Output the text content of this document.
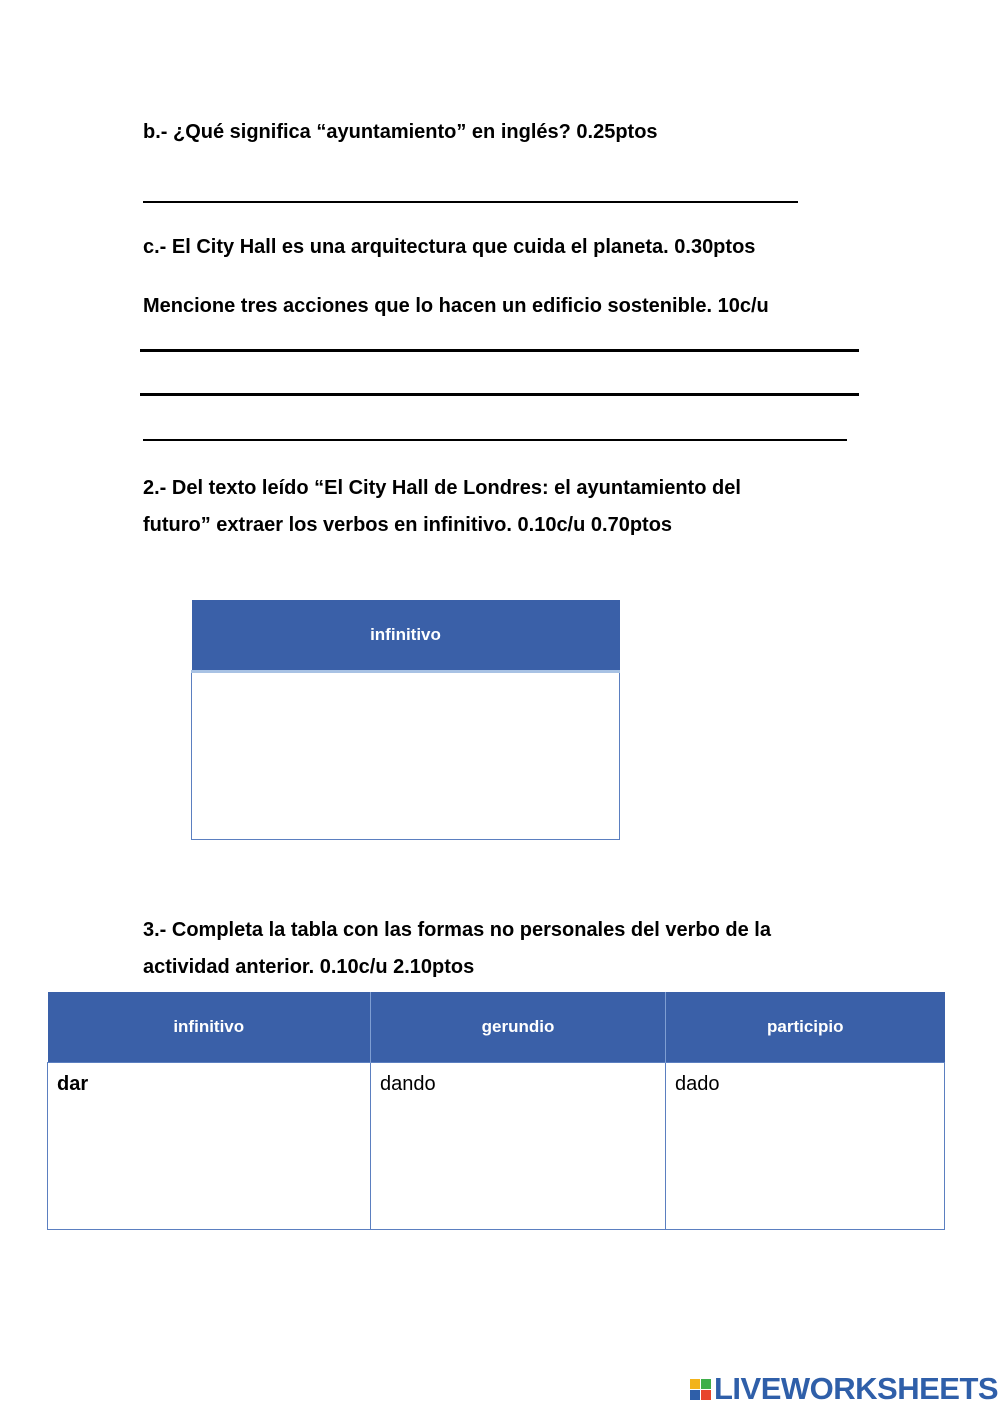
b.- ¿Qué significa “ayuntamiento” en inglés? 0.25ptos

c.- El City Hall es una arquitectura que cuida el planeta. 0.30ptos

Mencione tres acciones que lo hacen un edificio sostenible. 10c/u

2.- Del texto leído “El City Hall de Londres: el ayuntamiento del

futuro” extraer los verbos en infinitivo. 0.10c/u 0.70ptos

infinitivo

3.- Completa la tabla con las formas no personales del verbo de la

actividad anterior. 0.10c/u 2.10ptos

infinitivo	gerundio	participio
dar	dando	dado
LIVEWORKSHEETS
